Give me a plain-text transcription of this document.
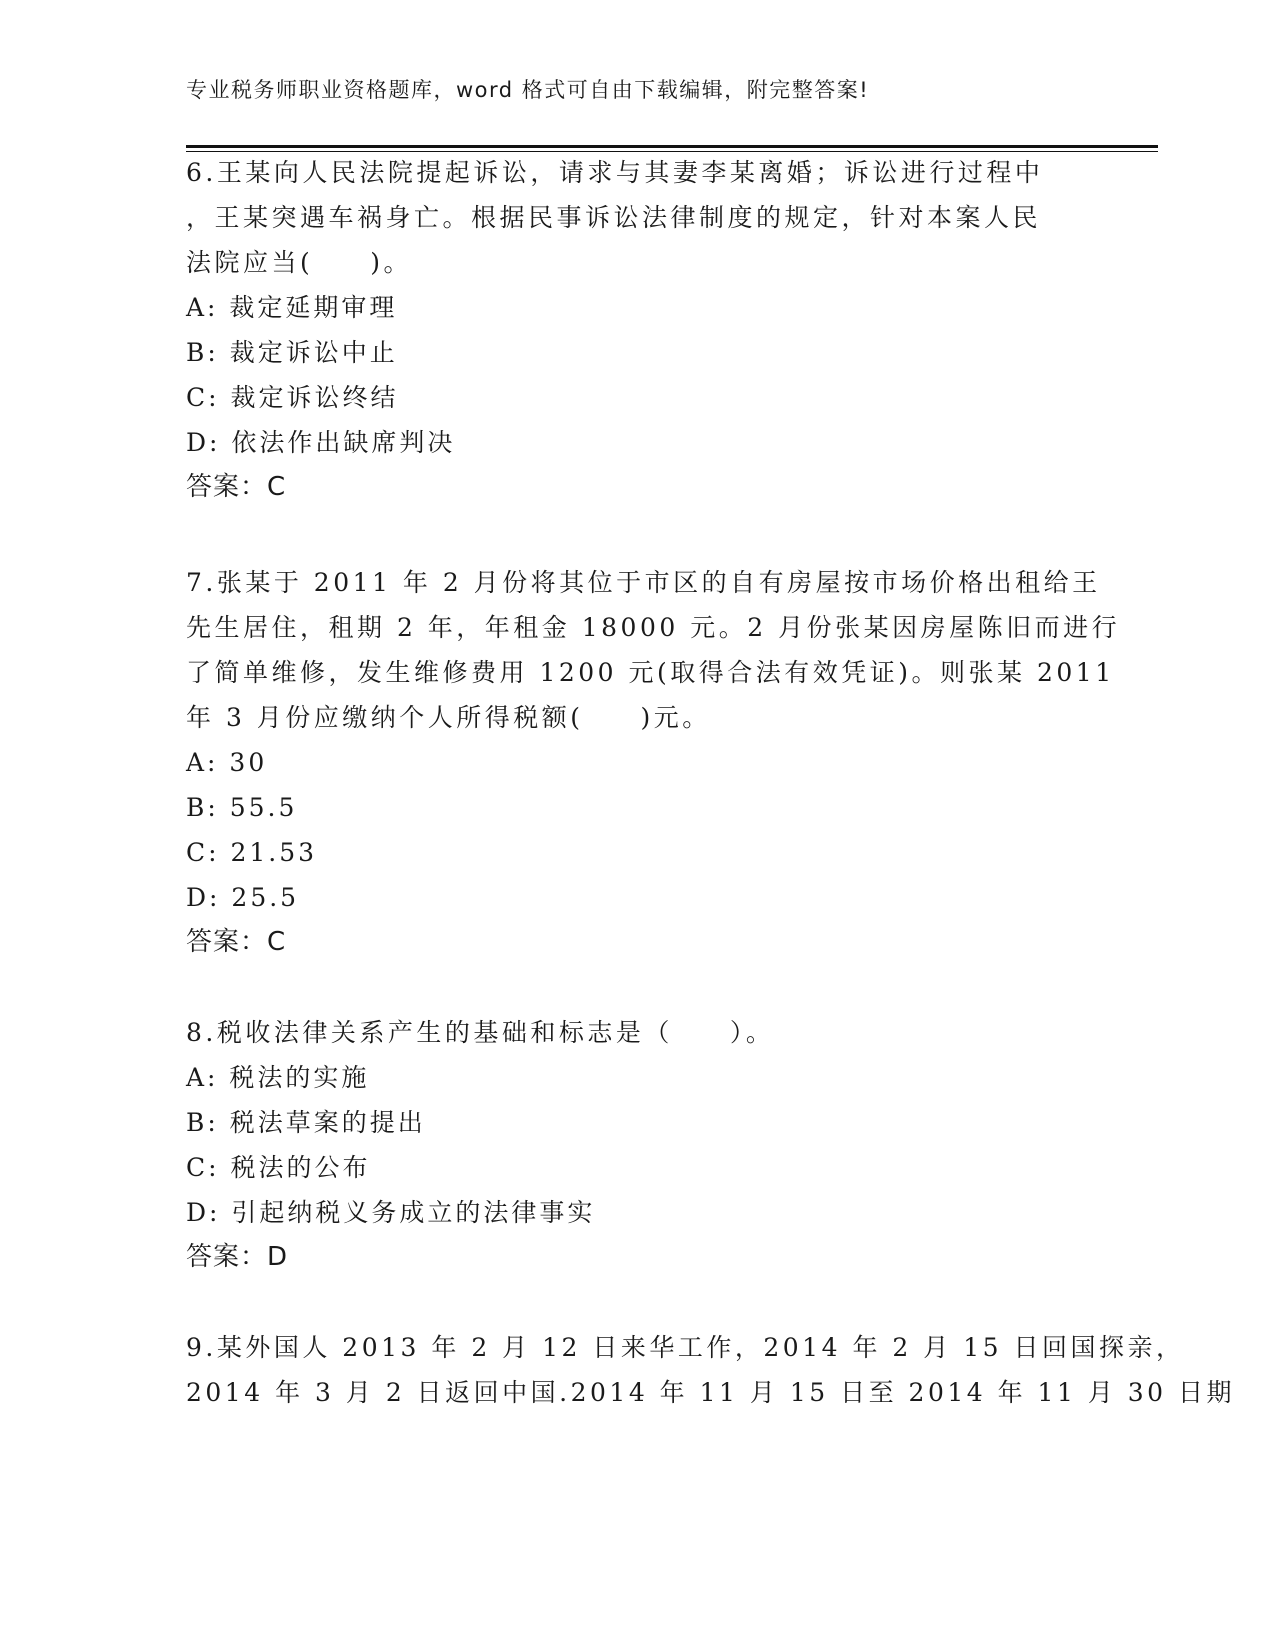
专业税务师职业资格题库，word 格式可自由下载编辑，附完整答案!
6.王某向人民法院提起诉讼，请求与其妻李某离婚；诉讼进行过程中
，王某突遇车祸身亡。根据民事诉讼法律制度的规定，针对本案人民
法院应当(　　)。
A: 裁定延期审理
B: 裁定诉讼中止
C: 裁定诉讼终结
D: 依法作出缺席判决
答案：C
7.张某于 2011 年 2 月份将其位于市区的自有房屋按市场价格出租给王
先生居住，租期 2 年，年租金 18000 元。2 月份张某因房屋陈旧而进行
了简单维修，发生维修费用 1200 元(取得合法有效凭证)。则张某 2011
年 3 月份应缴纳个人所得税额(　　)元。
A: 30
B: 55.5
C: 21.53
D: 25.5
答案：C
8.税收法律关系产生的基础和标志是（　　）。
A: 税法的实施
B: 税法草案的提出
C: 税法的公布
D: 引起纳税义务成立的法律事实
答案：D
9.某外国人 2013 年 2 月 12 日来华工作，2014 年 2 月 15 日回国探亲，
2014 年 3 月 2 日返回中国.2014 年 11 月 15 日至 2014 年 11 月 30 日期
